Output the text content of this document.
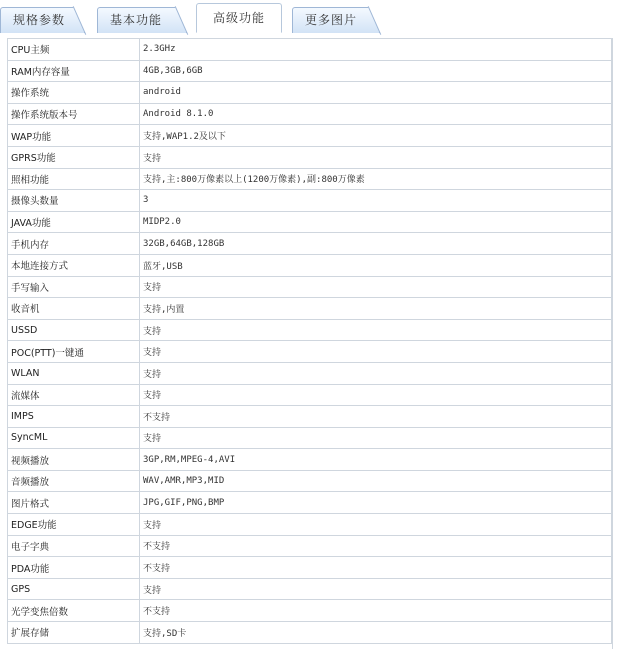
规格参数	基本功能	高级功能	更多图片
CPU主频	2.3GHz
RAM内存容量	4GB,3GB,6GB
操作系统	android
操作系统版本号	Android 8.1.0
WAP功能	支持,WAP1.2及以下
GPRS功能	支持
照相功能	支持,主:800万像素以上(1200万像素),副:800万像素
摄像头数量	3
JAVA功能	MIDP2.0
手机内存	32GB,64GB,128GB
本地连接方式	蓝牙,USB
手写输入	支持
收音机	支持,内置
USSD	支持
POC(PTT)一键通	支持
WLAN	支持
流媒体	支持
IMPS	不支持
SyncML	支持
视频播放	3GP,RM,MPEG-4,AVI
音频播放	WAV,AMR,MP3,MID
图片格式	JPG,GIF,PNG,BMP
EDGE功能	支持
电子字典	不支持
PDA功能	不支持
GPS	支持
光学变焦倍数	不支持
扩展存储	支持,SD卡
